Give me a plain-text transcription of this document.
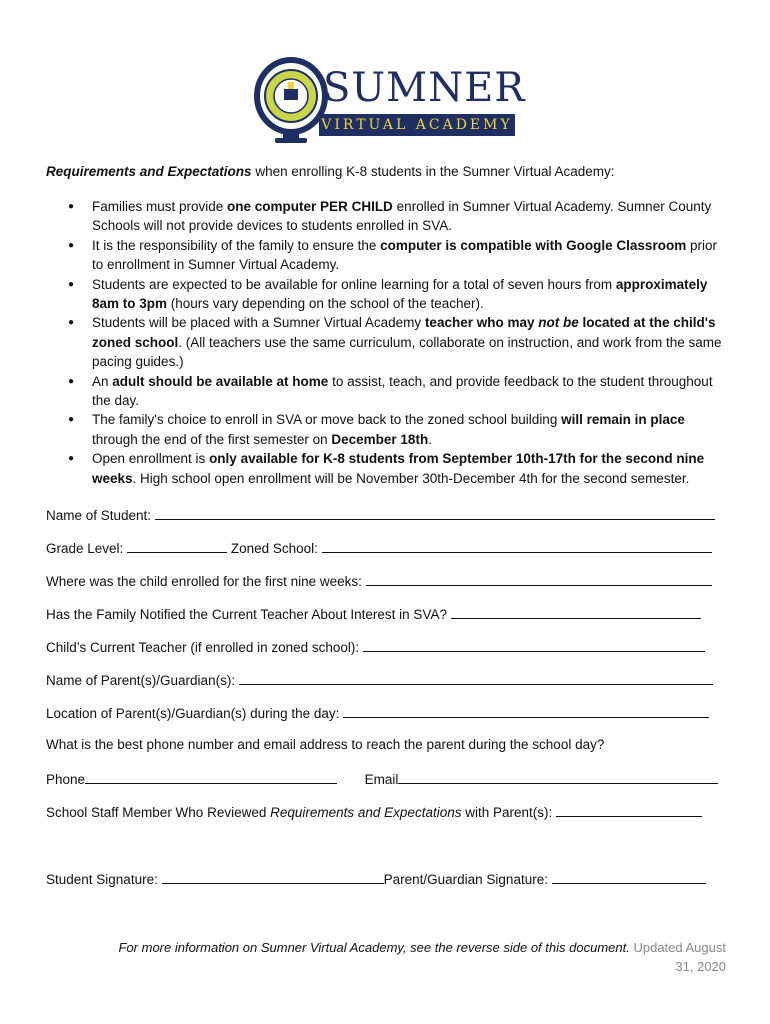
SUMNER
VIRTUAL ACADEMY
Requirements and Expectations when enrolling K-8 students in the Sumner Virtual Academy:
● Families must provide one computer PER CHILD enrolled in Sumner Virtual Academy. Sumner County Schools will not provide devices to students enrolled in SVA.
● It is the responsibility of the family to ensure the computer is compatible with Google Classroom prior to enrollment in Sumner Virtual Academy.
● Students are expected to be available for online learning for a total of seven hours from approximately 8am to 3pm (hours vary depending on the school of the teacher).
● Students will be placed with a Sumner Virtual Academy teacher who may not be located at the child's zoned school. (All teachers use the same curriculum, collaborate on instruction, and work from the same pacing guides.)
● An adult should be available at home to assist, teach, and provide feedback to the student throughout the day.
● The family's choice to enroll in SVA or move back to the zoned school building will remain in place through the end of the first semester on December 18th.
● Open enrollment is only available for K-8 students from September 10th-17th for the second nine weeks. High school open enrollment will be November 30th-December 4th for the second semester.
Name of Student:
Grade Level:	Zoned School:
Where was the child enrolled for the first nine weeks:
Has the Family Notified the Current Teacher About Interest in SVA?
Child’s Current Teacher (if enrolled in zoned school):
Name of Parent(s)/Guardian(s):
Location of Parent(s)/Guardian(s) during the day:
What is the best phone number and email address to reach the parent during the school day?
Phone	Email
School Staff Member Who Reviewed Requirements and Expectations with Parent(s):
Student Signature:	Parent/Guardian Signature:
For more information on Sumner Virtual Academy, see the reverse side of this document. Updated August
31, 2020
